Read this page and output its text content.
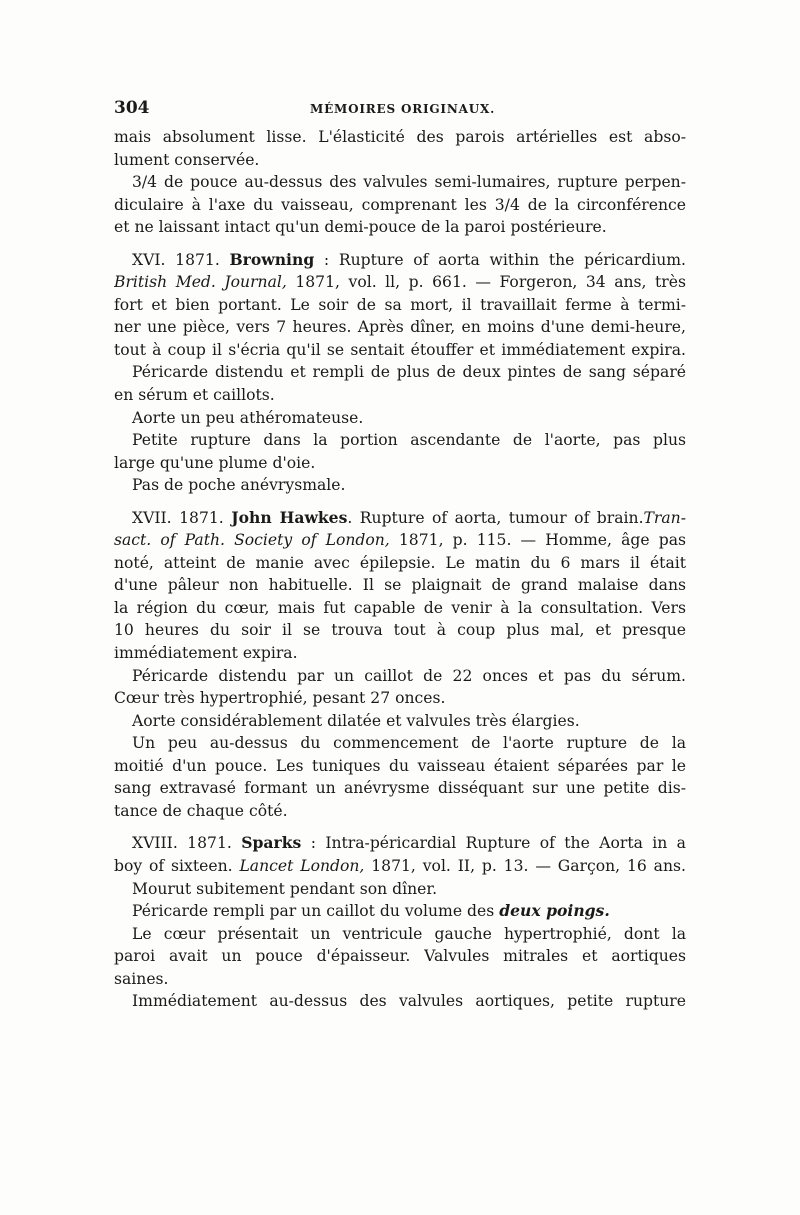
304	MÉMOIRES ORIGINAUX.
mais absolument lisse. L'élasticité des parois artérielles est abso-
lument conservée.
3/4 de pouce au-dessus des valvules semi-lumaires, rupture perpen-
diculaire à l'axe du vaisseau, comprenant les 3/4 de la circonférence
et ne laissant intact qu'un demi-pouce de la paroi postérieure.
XVI. 1871. Browning : Rupture of aorta within the péricardium.
British Med. Journal, 1871, vol. ll, p. 661. — Forgeron, 34 ans, très
fort et bien portant. Le soir de sa mort, il travaillait ferme à termi-
ner une pièce, vers 7 heures. Après dîner, en moins d'une demi-heure,
tout à coup il s'écria qu'il se sentait étouffer et immédiatement expira.
Péricarde distendu et rempli de plus de deux pintes de sang séparé
en sérum et caillots.
Aorte un peu athéromateuse.
Petite rupture dans la portion ascendante de l'aorte, pas plus
large qu'une plume d'oie.
Pas de poche anévrysmale.
XVII. 1871. John Hawkes. Rupture of aorta, tumour of brain.Tran-
sact. of Path. Society of London, 1871, p. 115. — Homme, âge pas
noté, atteint de manie avec épilepsie. Le matin du 6 mars il était
d'une pâleur non habituelle. Il se plaignait de grand malaise dans
la région du cœur, mais fut capable de venir à la consultation. Vers
10 heures du soir il se trouva tout à coup plus mal, et presque
immédiatement expira.
Péricarde distendu par un caillot de 22 onces et pas du sérum.
Cœur très hypertrophié, pesant 27 onces.
Aorte considérablement dilatée et valvules très élargies.
Un peu au-dessus du commencement de l'aorte rupture de la
moitié d'un pouce. Les tuniques du vaisseau étaient séparées par le
sang extravasé formant un anévrysme disséquant sur une petite dis-
tance de chaque côté.
XVIII. 1871. Sparks : Intra-péricardial Rupture of the Aorta in a
boy of sixteen. Lancet London, 1871, vol. II, p. 13. — Garçon, 16 ans.
Mourut subitement pendant son dîner.
Péricarde rempli par un caillot du volume des deux poings.
Le cœur présentait un ventricule gauche hypertrophié, dont la
paroi avait un pouce d'épaisseur. Valvules mitrales et aortiques
saines.
Immédiatement au-dessus des valvules aortiques, petite rupture
